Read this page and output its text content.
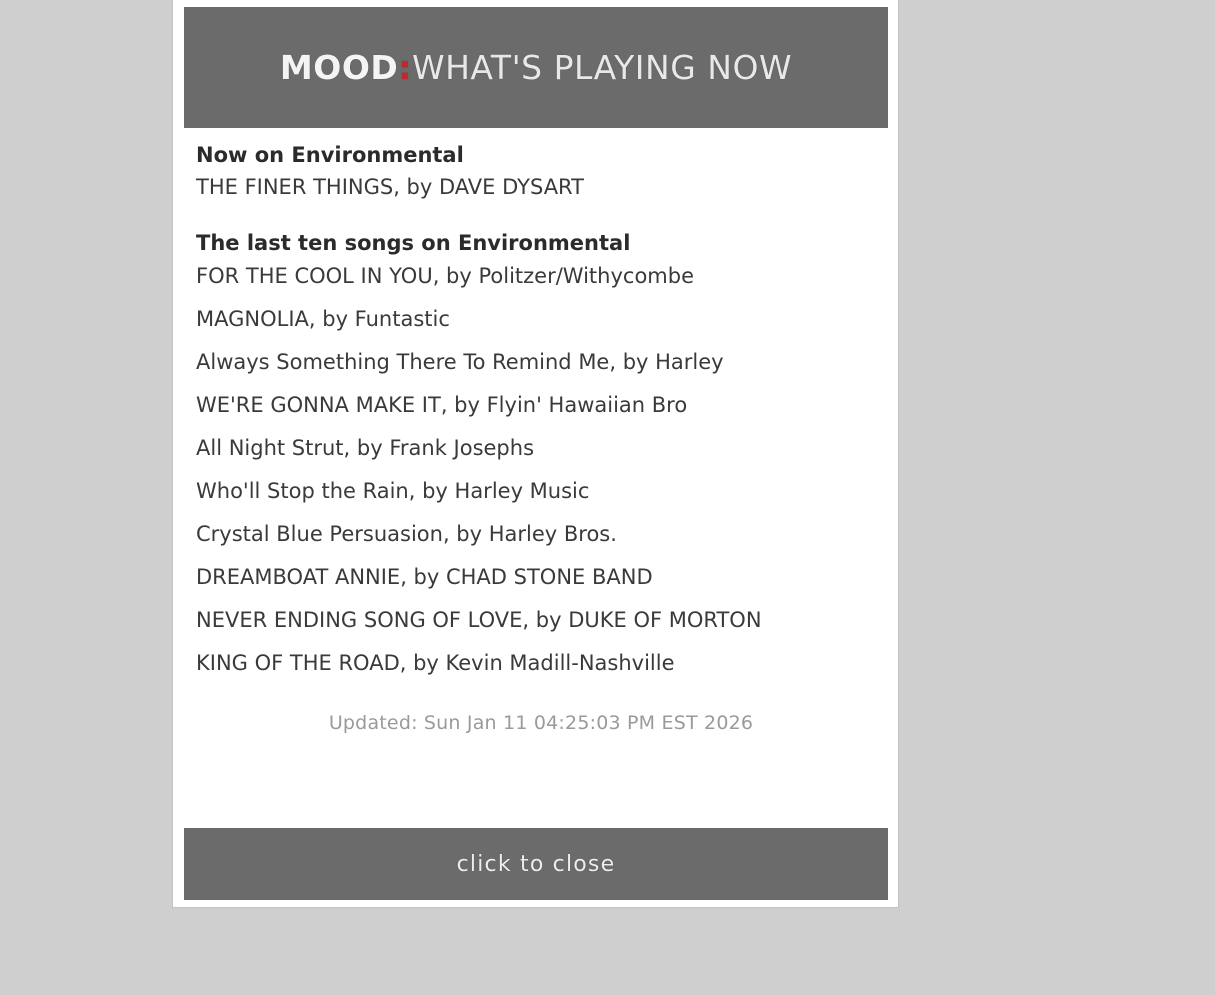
MOOD:WHAT'S PLAYING NOW
Now on Environmental
THE FINER THINGS, by DAVE DYSART
The last ten songs on Environmental
FOR THE COOL IN YOU, by Politzer/Withycombe
MAGNOLIA, by Funtastic
Always Something There To Remind Me, by Harley
WE'RE GONNA MAKE IT, by Flyin' Hawaiian Bro
All Night Strut, by Frank Josephs
Who'll Stop the Rain, by Harley Music
Crystal Blue Persuasion, by Harley Bros.
DREAMBOAT ANNIE, by CHAD STONE BAND
NEVER ENDING SONG OF LOVE, by DUKE OF MORTON
KING OF THE ROAD, by Kevin Madill-Nashville
Updated: Sun Jan 11 04:25:03 PM EST 2026
click to close
